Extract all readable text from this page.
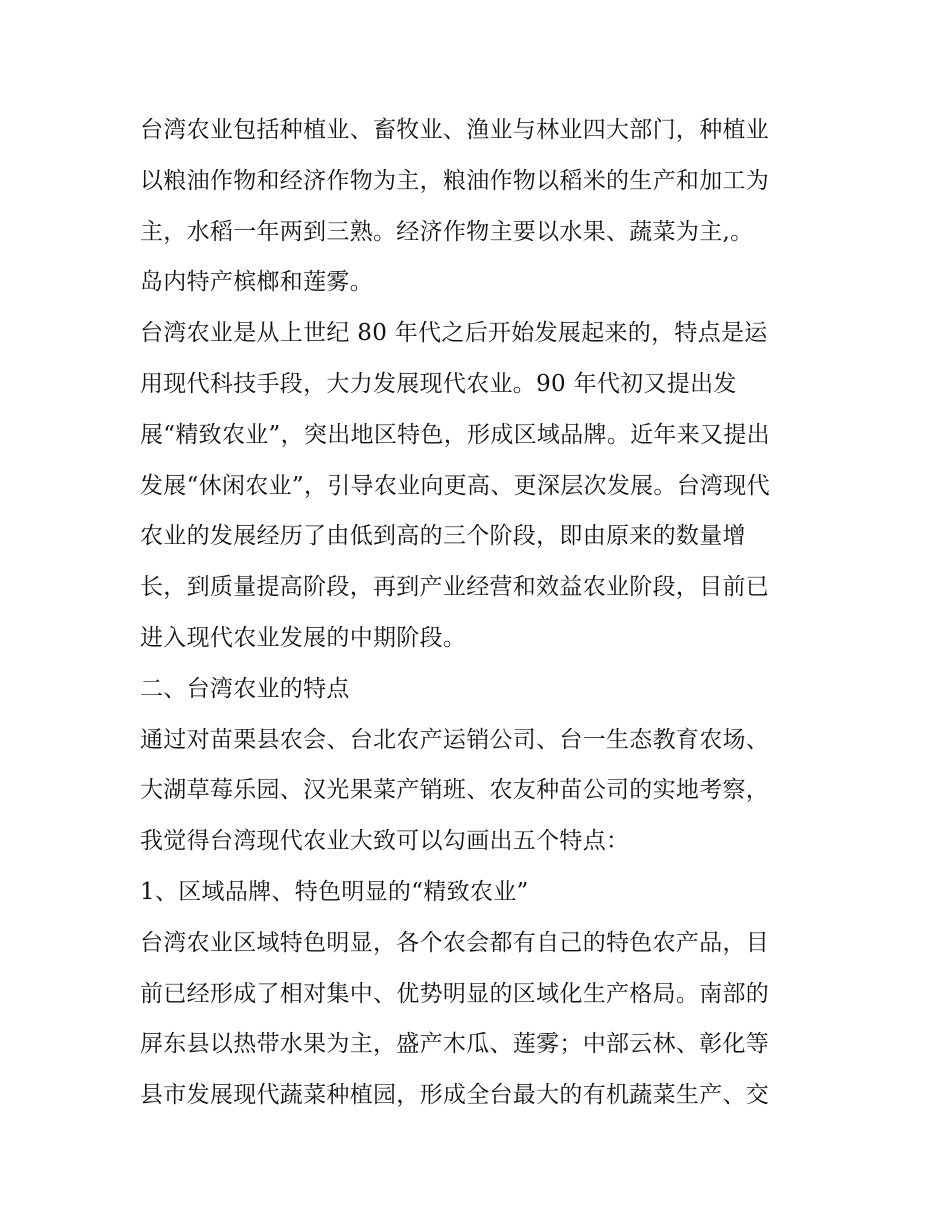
台湾农业包括种植业、畜牧业、渔业与林业四大部门，种植业
以粮油作物和经济作物为主，粮油作物以稻米的生产和加工为
主，水稻一年两到三熟。经济作物主要以水果、蔬菜为主,。
岛内特产槟榔和莲雾。
台湾农业是从上世纪 80 年代之后开始发展起来的，特点是运
用现代科技手段，大力发展现代农业。90 年代初又提出发
展“精致农业”，突出地区特色，形成区域品牌。近年来又提出
发展“休闲农业”，引导农业向更高、更深层次发展。台湾现代
农业的发展经历了由低到高的三个阶段，即由原来的数量增
长，到质量提高阶段，再到产业经营和效益农业阶段，目前已
进入现代农业发展的中期阶段。
二、台湾农业的特点
通过对苗栗县农会、台北农产运销公司、台一生态教育农场、
大湖草莓乐园、汉光果菜产销班、农友种苗公司的实地考察，
我觉得台湾现代农业大致可以勾画出五个特点：
1、区域品牌、特色明显的“精致农业”
台湾农业区域特色明显，各个农会都有自己的特色农产品，目
前已经形成了相对集中、优势明显的区域化生产格局。南部的
屏东县以热带水果为主，盛产木瓜、莲雾；中部云林、彰化等
县市发展现代蔬菜种植园，形成全台最大的有机蔬菜生产、交
